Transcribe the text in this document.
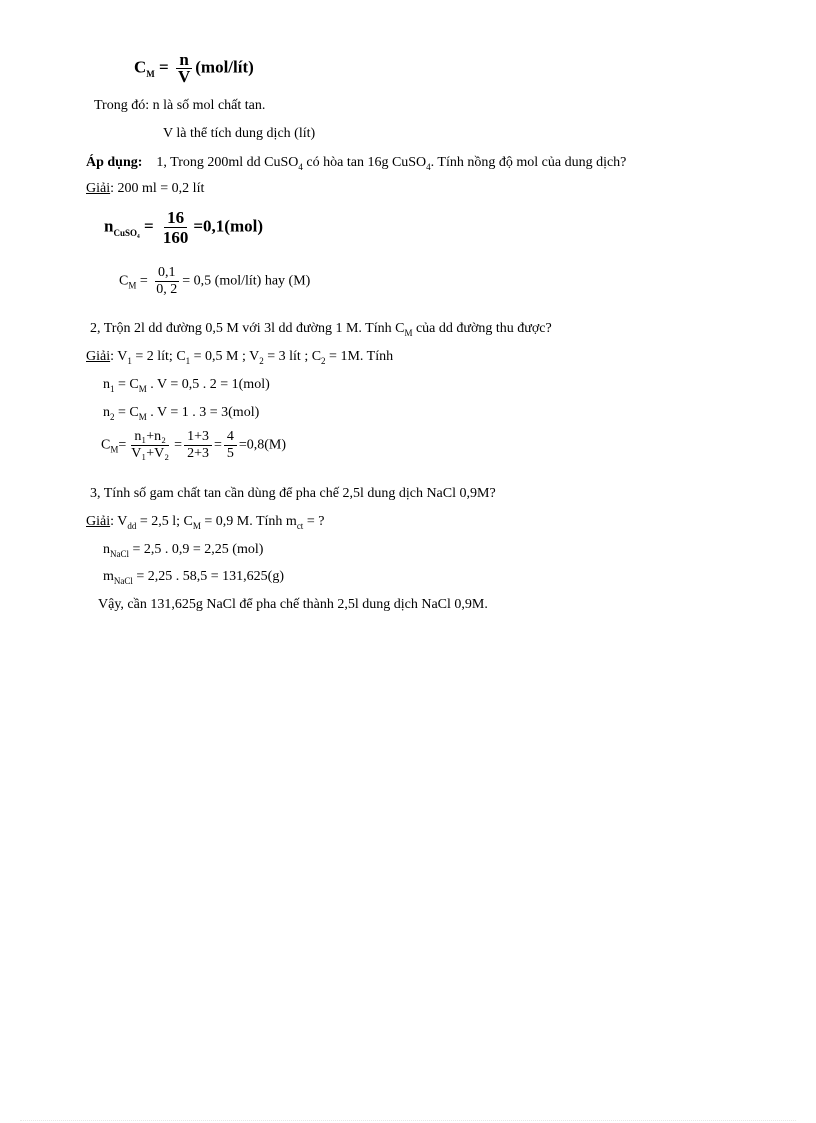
$C_M = \frac{n}{V}$ (mol/lít)
Trong đó: n là số mol chất tan.
V là thể tích dung dịch (lít)
Áp dụng: 1, Trong 200ml dd CuSO$_4$ có hòa tan 16g CuSO$_4$. Tính nồng độ mol của dung dịch?
Giải: 200 ml = 0,2 lít
$n_{CuSO_4} = \frac{16}{160} =0,1(mol)$
$C_M = \frac{0,1}{0, 2} = 0,5$ (mol/lít) hay (M)
2, Trộn 2l dd đường 0,5 M với 3l dd đường 1 M. Tính $C_M$ của dd đường thu được?
Giải: $V_1 = 2$ lít; $C_1 = 0,5$ M ; $V_2 = 3$ lít ; $C_2 = 1M$. Tính
$n_1 = C_M$ . V = 0,5 . 2 = 1(mol)
$n_2 = C_M$ . V = 1 . 3 = 3(mol)
$C_M= \frac{\text{n₁+n₂}}{\text{V₁+V₂}} = \frac{1+3}{2+3} = \frac{4}{5} =0,8(M)$
3, Tính số gam chất tan cần dùng để pha chế 2,5l dung dịch NaCl 0,9M?
Giải: $V_{dd} = 2,5$ l; $C_M = 0,9$ M. Tính $m_{ct}$ = ?
$n_{NaCl} = 2,5$ . 0,9 = 2,25 (mol)
$m_{NaCl} = 2,25$ . 58,5 = 131,625(g)
Vậy, cần 131,625g NaCl để pha chế thành 2,5l dung dịch NaCl 0,9M.
